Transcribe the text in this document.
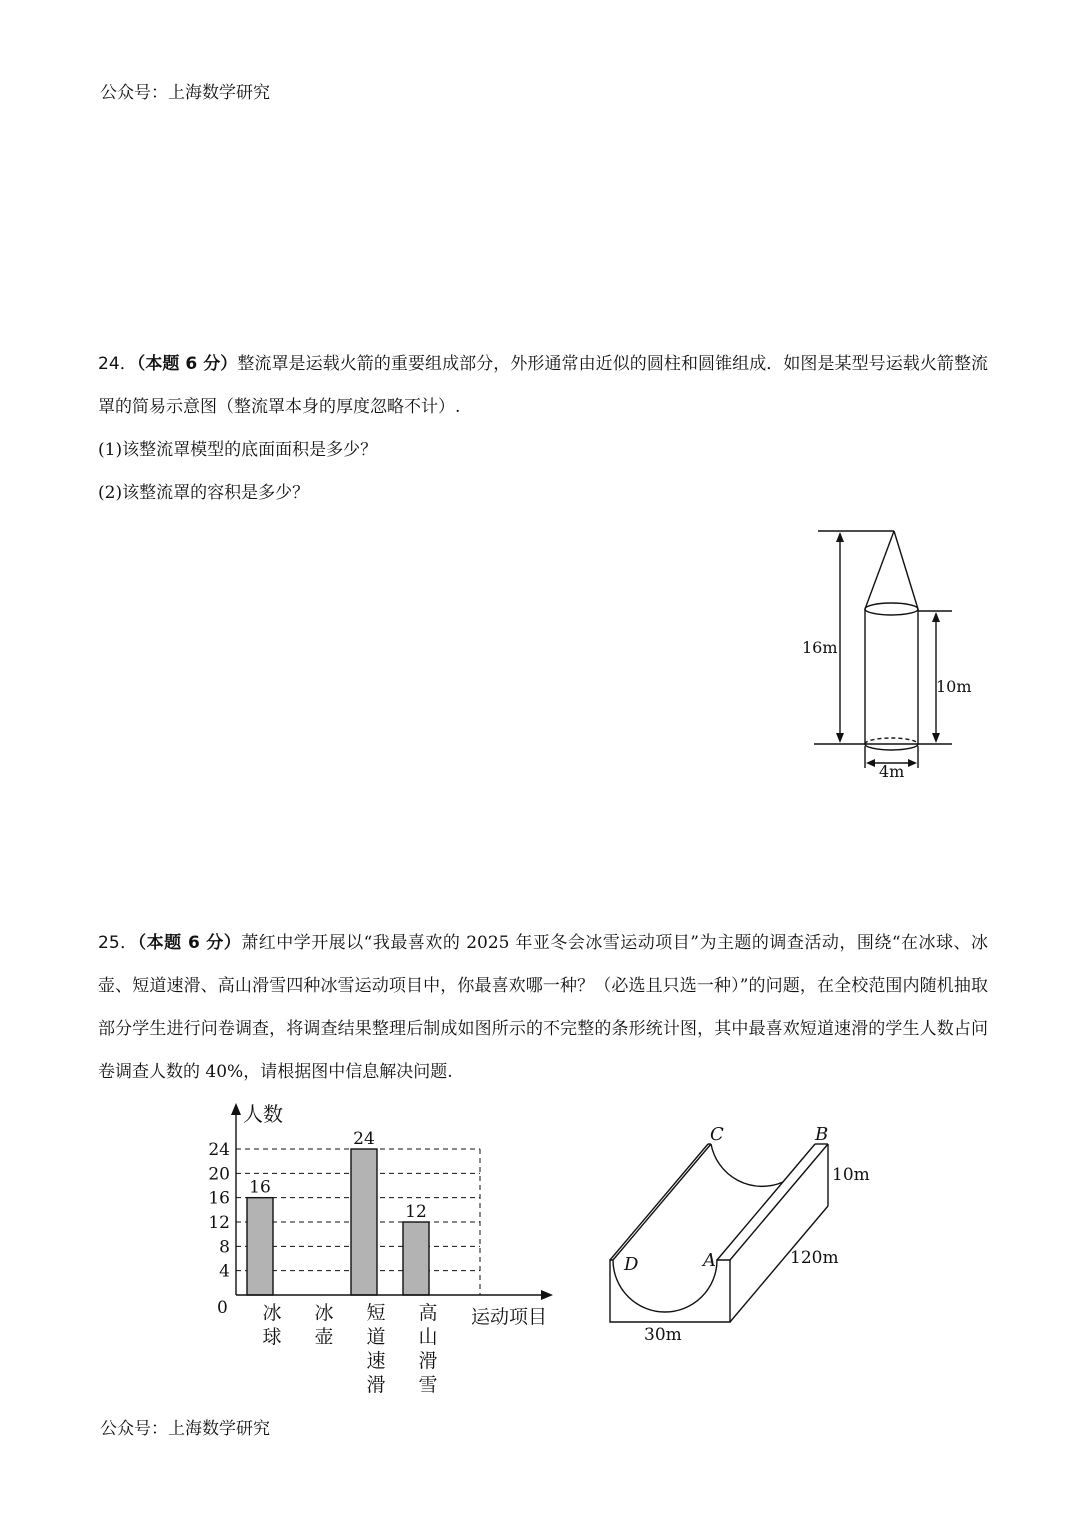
公众号：上海数学研究
24．（本题 6 分）整流罩是运载火箭的重要组成部分，外形通常由近似的圆柱和圆锥组成．如图是某型号运载火箭整流罩的简易示意图（整流罩本身的厚度忽略不计）.
(1)该整流罩模型的底面面积是多少？
(2)该整流罩的容积是多少？
16m
10m
4m
25．（本题 6 分）萧红中学开展以“我最喜欢的 2025 年亚冬会冰雪运动项目”为主题的调查活动，围绕“在冰球、冰壶、短道速滑、高山滑雪四种冰雪运动项目中，你最喜欢哪一种？（必选且只选一种）”的问题，在全校范围内随机抽取部分学生进行问卷调查，将调查结果整理后制成如图所示的不完整的条形统计图，其中最喜欢短道速滑的学生人数占问卷调查人数的 40%，请根据图中信息解决问题.
4
8
12
16
20
24
16
冰球
冰壶
24
短道速滑
12
高山滑雪
人数
运动项目
0
C	B
D	A
10m
120m
30m
公众号：上海数学研究
